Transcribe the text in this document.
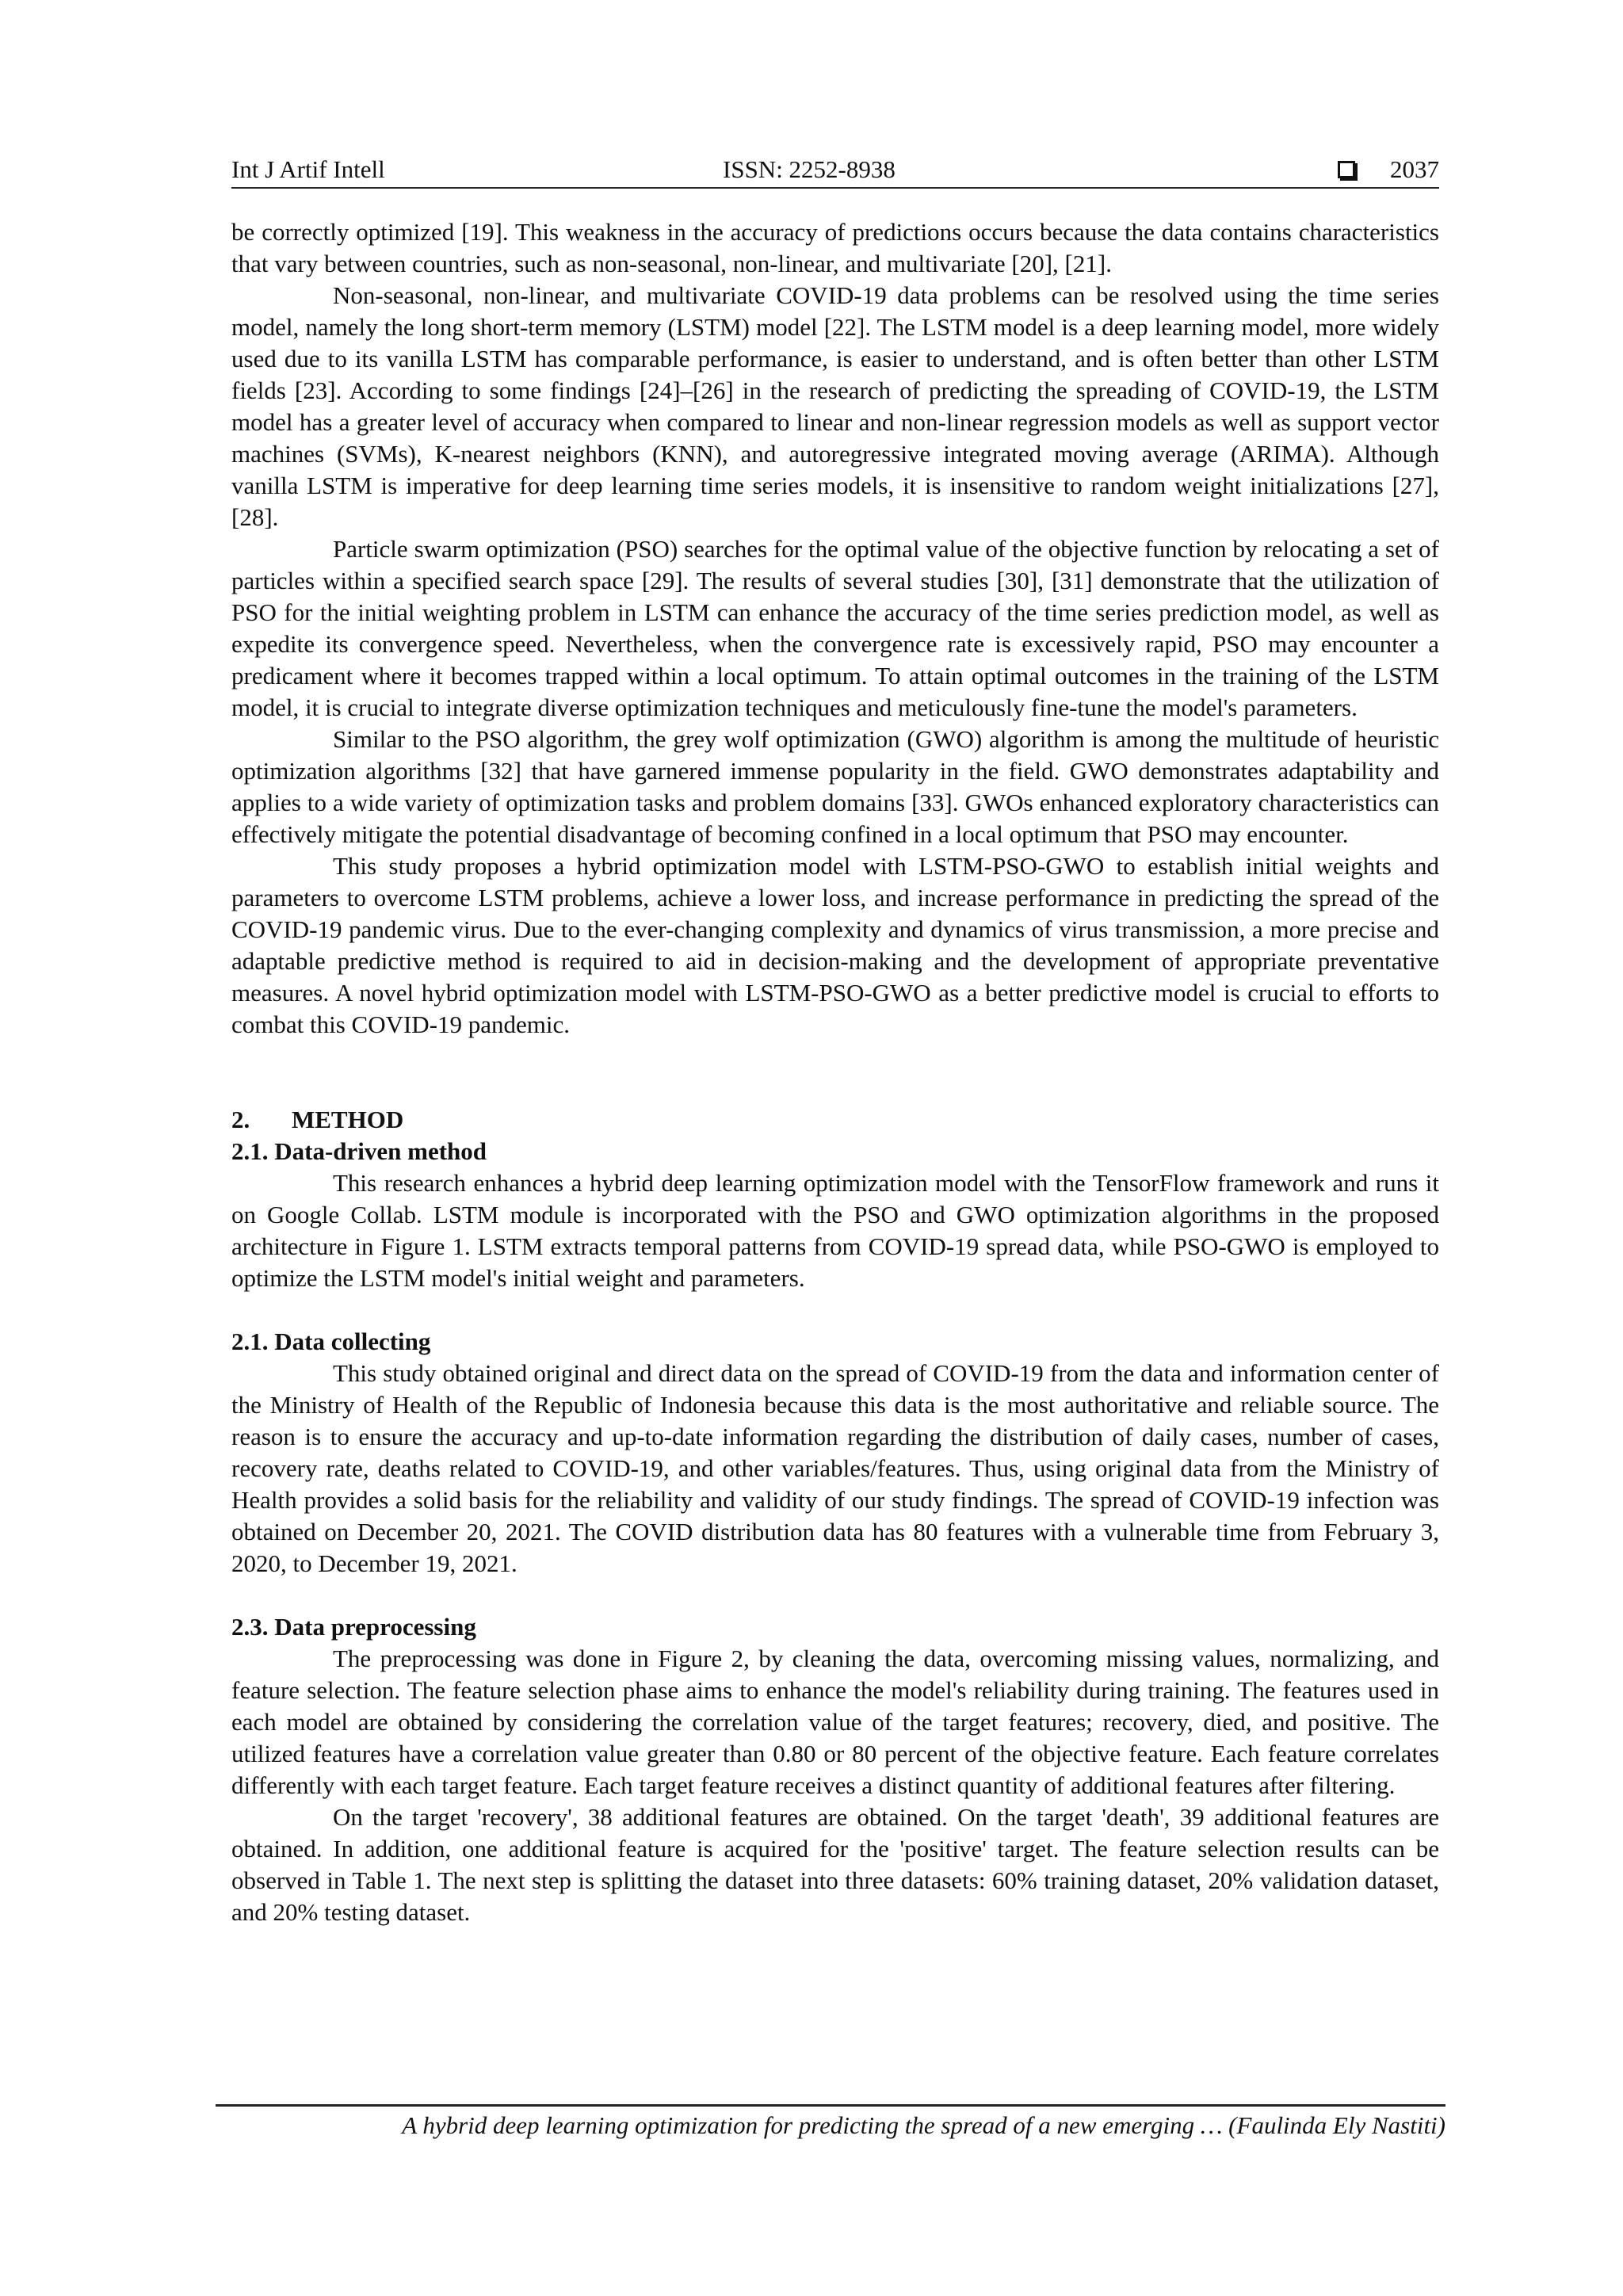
Int J Artif Intell	ISSN: 2252-8938	2037

be correctly optimized [19]. This weakness in the accuracy of predictions occurs because the data contains characteristics that vary between countries, such as non-seasonal, non-linear, and multivariate [20], [21].

Non-seasonal, non-linear, and multivariate COVID-19 data problems can be resolved using the time series model, namely the long short-term memory (LSTM) model [22]. The LSTM model is a deep learning model, more widely used due to its vanilla LSTM has comparable performance, is easier to understand, and is often better than other LSTM fields [23]. According to some findings [24]–[26] in the research of predicting the spreading of COVID-19, the LSTM model has a greater level of accuracy when compared to linear and non-linear regression models as well as support vector machines (SVMs), K-nearest neighbors (KNN), and autoregressive integrated moving average (ARIMA). Although vanilla LSTM is imperative for deep learning time series models, it is insensitive to random weight initializations [27], [28].

Particle swarm optimization (PSO) searches for the optimal value of the objective function by relocating a set of particles within a specified search space [29]. The results of several studies [30], [31] demonstrate that the utilization of PSO for the initial weighting problem in LSTM can enhance the accuracy of the time series prediction model, as well as expedite its convergence speed. Nevertheless, when the convergence rate is excessively rapid, PSO may encounter a predicament where it becomes trapped within a local optimum. To attain optimal outcomes in the training of the LSTM model, it is crucial to integrate diverse optimization techniques and meticulously fine-tune the model's parameters.

Similar to the PSO algorithm, the grey wolf optimization (GWO) algorithm is among the multitude of heuristic optimization algorithms [32] that have garnered immense popularity in the field. GWO demonstrates adaptability and applies to a wide variety of optimization tasks and problem domains [33]. GWOs enhanced exploratory characteristics can effectively mitigate the potential disadvantage of becoming confined in a local optimum that PSO may encounter.

This study proposes a hybrid optimization model with LSTM-PSO-GWO to establish initial weights and parameters to overcome LSTM problems, achieve a lower loss, and increase performance in predicting the spread of the COVID-19 pandemic virus. Due to the ever-changing complexity and dynamics of virus transmission, a more precise and adaptable predictive method is required to aid in decision-making and the development of appropriate preventative measures. A novel hybrid optimization model with LSTM-PSO-GWO as a better predictive model is crucial to efforts to combat this COVID-19 pandemic.

2. METHOD
2.1. Data-driven method

This research enhances a hybrid deep learning optimization model with the TensorFlow framework and runs it on Google Collab. LSTM module is incorporated with the PSO and GWO optimization algorithms in the proposed architecture in Figure 1. LSTM extracts temporal patterns from COVID-19 spread data, while PSO-GWO is employed to optimize the LSTM model's initial weight and parameters.

2.1. Data collecting

This study obtained original and direct data on the spread of COVID-19 from the data and information center of the Ministry of Health of the Republic of Indonesia because this data is the most authoritative and reliable source. The reason is to ensure the accuracy and up-to-date information regarding the distribution of daily cases, number of cases, recovery rate, deaths related to COVID-19, and other variables/features. Thus, using original data from the Ministry of Health provides a solid basis for the reliability and validity of our study findings. The spread of COVID-19 infection was obtained on December 20, 2021. The COVID distribution data has 80 features with a vulnerable time from February 3, 2020, to December 19, 2021.

2.3. Data preprocessing

The preprocessing was done in Figure 2, by cleaning the data, overcoming missing values, normalizing, and feature selection. The feature selection phase aims to enhance the model's reliability during training. The features used in each model are obtained by considering the correlation value of the target features; recovery, died, and positive. The utilized features have a correlation value greater than 0.80 or 80 percent of the objective feature. Each feature correlates differently with each target feature. Each target feature receives a distinct quantity of additional features after filtering.

On the target 'recovery', 38 additional features are obtained. On the target 'death', 39 additional features are obtained. In addition, one additional feature is acquired for the 'positive' target. The feature selection results can be observed in Table 1. The next step is splitting the dataset into three datasets: 60% training dataset, 20% validation dataset, and 20% testing dataset.

A hybrid deep learning optimization for predicting the spread of a new emerging … (Faulinda Ely Nastiti)
